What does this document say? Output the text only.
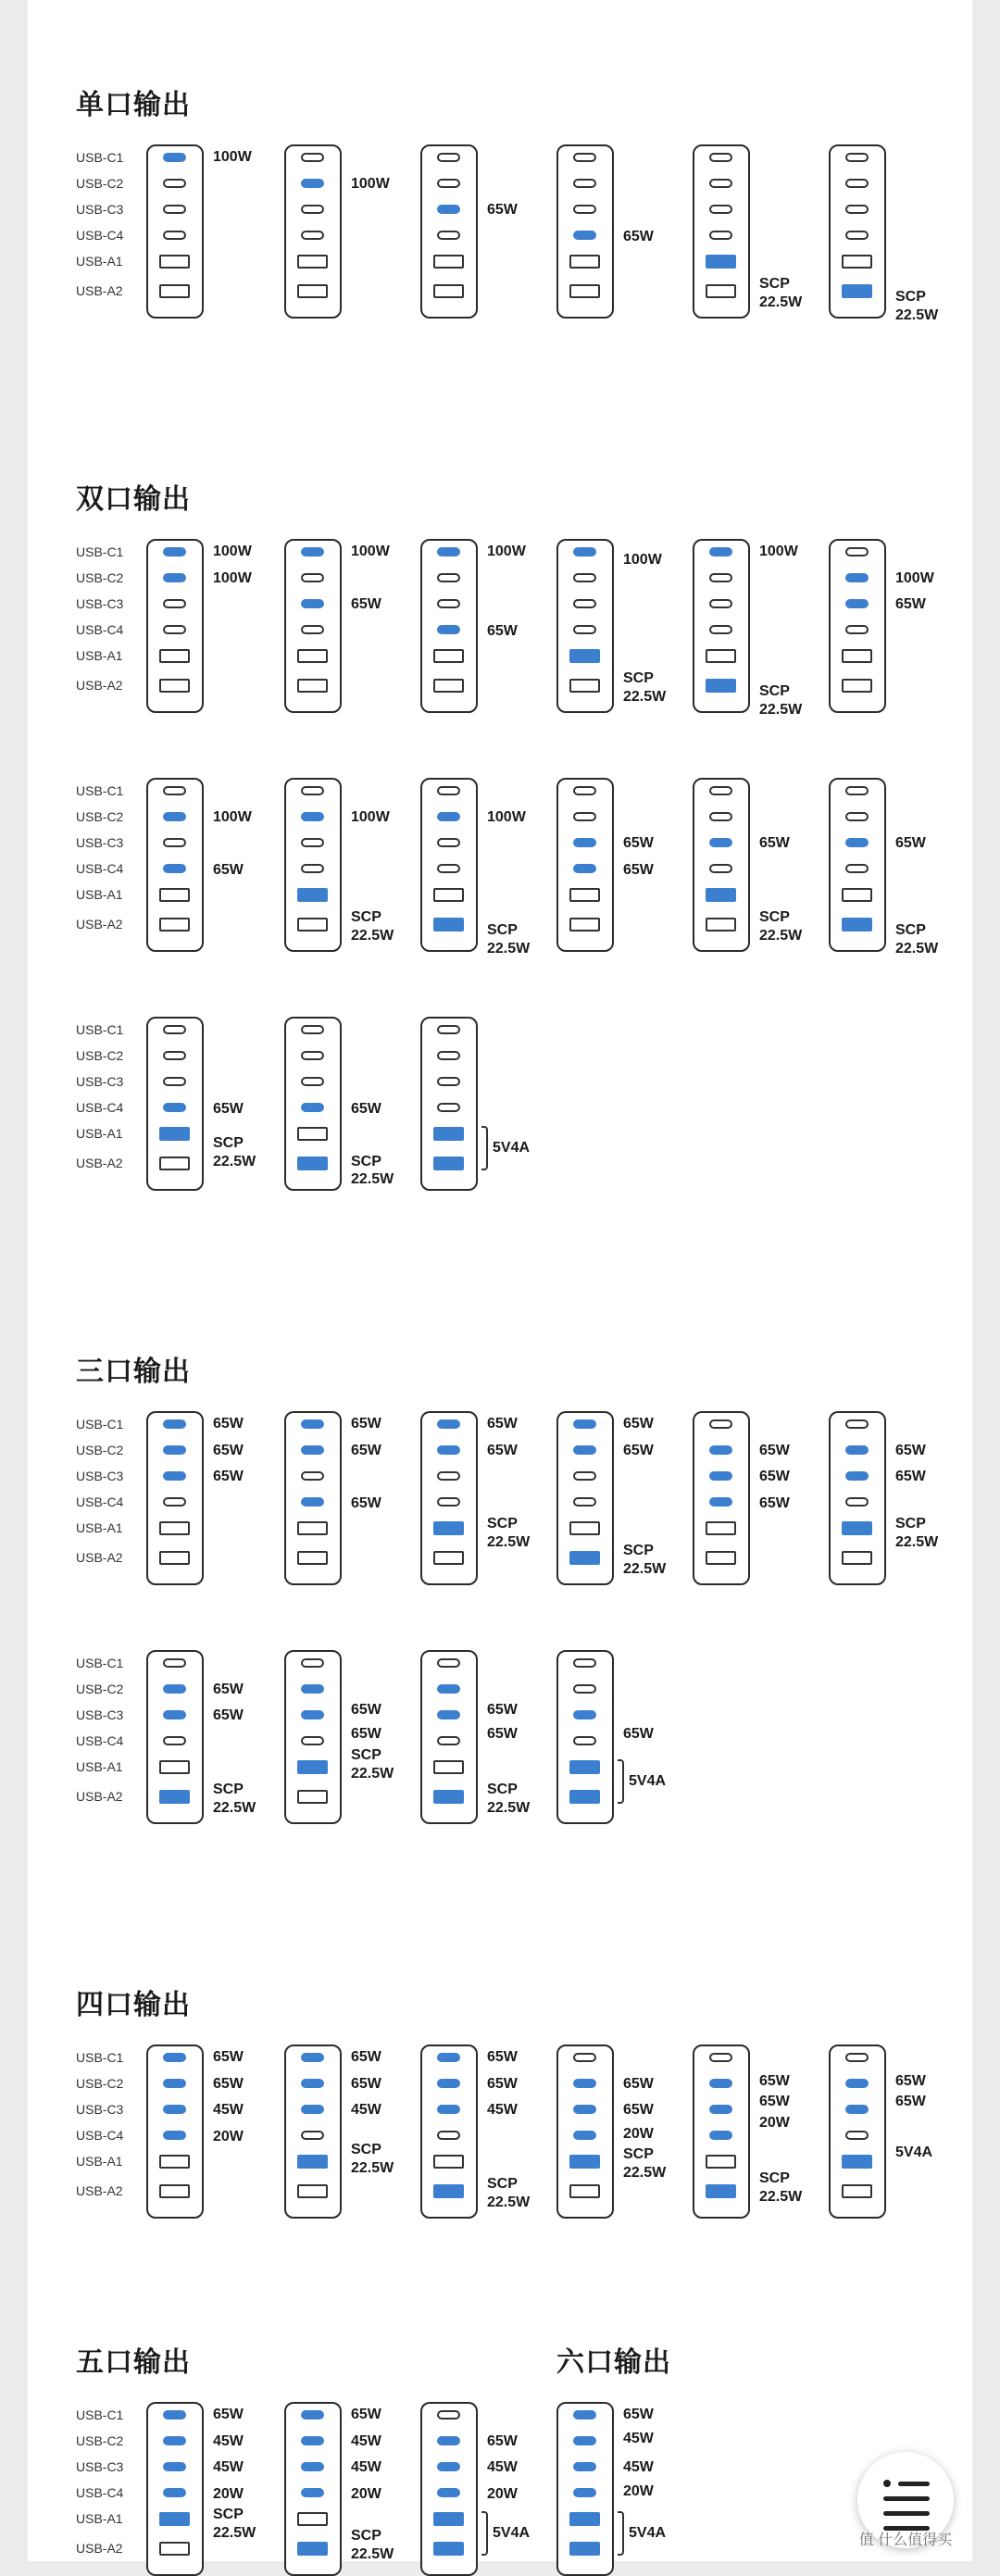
单口输出
USB-C1
USB-C2
USB-C3
USB-C4
USB-A1
USB-A2
100W
100W
65W
65W
SCP
22.5W	SCP
22.5W
双口输出
USB-C1
USB-C2
USB-C3
USB-C4
USB-A1
USB-A2
100W
100W
100W
65W
100W
65W
100W
SCP
22.5W
100W
SCP
22.5W
100W
65W
USB-C1
USB-C2
USB-C3
USB-C4
USB-A1
USB-A2
100W
65W
100W
SCP
22.5W
100W
SCP
22.5W
65W
65W
65W
SCP
22.5W
65W
SCP
22.5W
USB-C1
USB-C2
USB-C3
USB-C4
USB-A1
USB-A2
65W
SCP
22.5W
65W
SCP
22.5W
5V4A
三口输出
USB-C1
USB-C2
USB-C3
USB-C4
USB-A1
USB-A2
65W
65W
65W
65W
65W
65W
65W
65W
SCP
22.5W
65W
65W
SCP
22.5W
65W
65W
65W
65W
65W
SCP
22.5W
USB-C1
USB-C2
USB-C3
USB-C4
USB-A1
USB-A2
65W
65W
SCP
22.5W
65W
65W
SCP
22.5W
65W
65W
SCP
22.5W
65W
5V4A
四口输出
USB-C1
USB-C2
USB-C3
USB-C4
USB-A1
USB-A2
65W
65W
45W
20W
65W
65W
45W
SCP
22.5W
65W
65W
45W
SCP
22.5W
65W
65W
20W
SCP
22.5W
65W
65W
20W
SCP
22.5W
65W
65W
5V4A
USB-C1
USB-C2
USB-C3
USB-C4
USB-A1
USB-A2
五口输出
65W
45W
45W
20W
SCP
22.5W
65W
45W
45W
20W
SCP
22.5W
65W
45W
20W
5V4A
六口输出
65W
45W
45W
20W
5V4A	值 什么值得买
